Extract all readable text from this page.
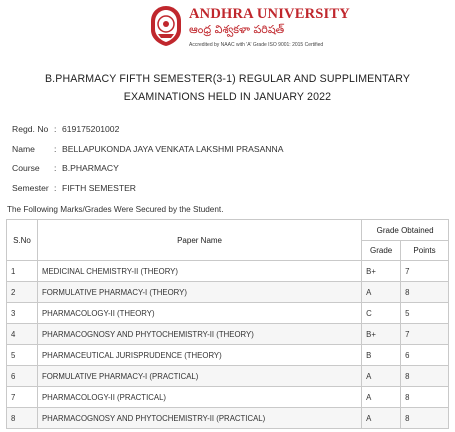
ANDHRA UNIVERSITY
ఆంధ్ర విశ్వకళా పరిషత్
Accredited by NAAC with 'A' Grade ISO 9001: 2015 Certified
B.PHARMACY FIFTH SEMESTER(3-1) REGULAR AND SUPPLIMENTARY
EXAMINATIONS HELD IN JANUARY 2022
Regd. No : 619175201002
Name : BELLAPUKONDA JAYA VENKATA LAKSHMI PRASANNA
Course : B.PHARMACY
Semester : FIFTH SEMESTER
The Following Marks/Grades Were Secured by the Student.
S.No	Paper Name	Grade Obtained	
		Grade	Points
1	MEDICINAL CHEMISTRY-II (THEORY)	B+	7
2	FORMULATIVE PHARMACY-I (THEORY)	A	8
3	PHARMACOLOGY-II (THEORY)	C	5
4	PHARMACOGNOSY AND PHYTOCHEMISTRY-II (THEORY)	B+	7
5	PHARMACEUTICAL JURISPRUDENCE (THEORY)	B	6
6	FORMULATIVE PHARMACY-I (PRACTICAL)	A	8
7	PHARMACOLOGY-II (PRACTICAL)	A	8
8	PHARMACOGNOSY AND PHYTOCHEMISTRY-II (PRACTICAL)	A	8
